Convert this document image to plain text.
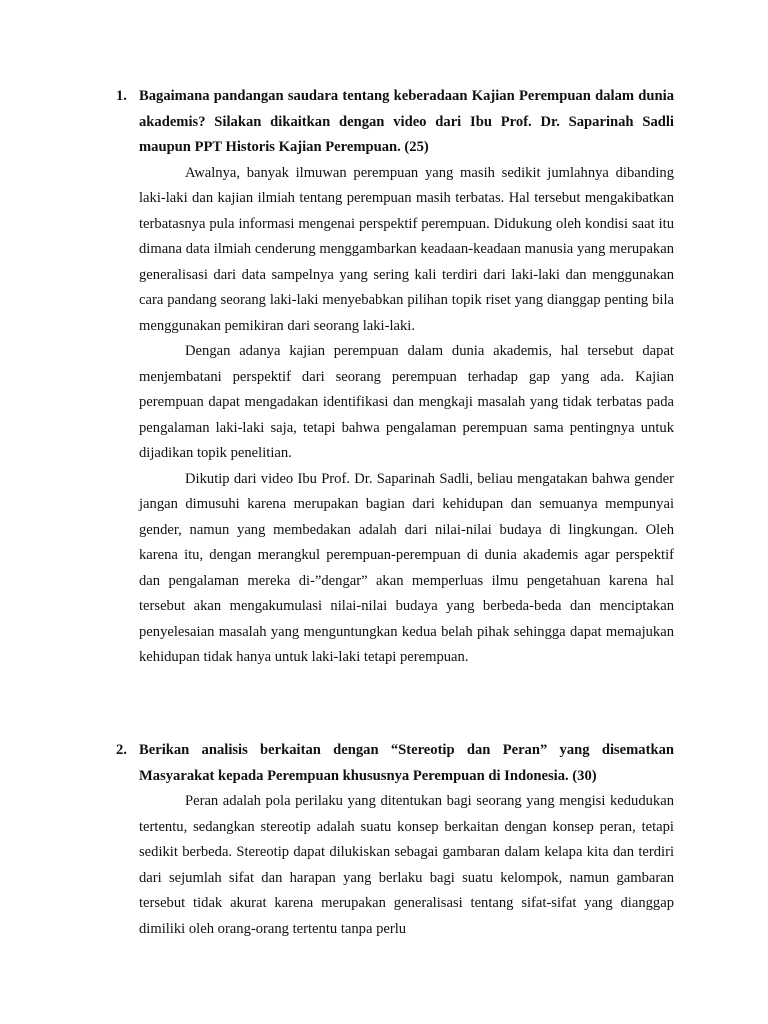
1. Bagaimana pandangan saudara tentang keberadaan Kajian Perempuan dalam dunia akademis? Silakan dikaitkan dengan video dari Ibu Prof. Dr. Saparinah Sadli maupun PPT Historis Kajian Perempuan. (25)

Awalnya, banyak ilmuwan perempuan yang masih sedikit jumlahnya dibanding laki-laki dan kajian ilmiah tentang perempuan masih terbatas. Hal tersebut mengakibatkan terbatasnya pula informasi mengenai perspektif perempuan. Didukung oleh kondisi saat itu dimana data ilmiah cenderung menggambarkan keadaan-keadaan manusia yang merupakan generalisasi dari data sampelnya yang sering kali terdiri dari laki-laki dan menggunakan cara pandang seorang laki-laki menyebabkan pilihan topik riset yang dianggap penting bila menggunakan pemikiran dari seorang laki-laki.

Dengan adanya kajian perempuan dalam dunia akademis, hal tersebut dapat menjembatani perspektif dari seorang perempuan terhadap gap yang ada. Kajian perempuan dapat mengadakan identifikasi dan mengkaji masalah yang tidak terbatas pada pengalaman laki-laki saja, tetapi bahwa pengalaman perempuan sama pentingnya untuk dijadikan topik penelitian.

Dikutip dari video Ibu Prof. Dr. Saparinah Sadli, beliau mengatakan bahwa gender jangan dimusuhi karena merupakan bagian dari kehidupan dan semuanya mempunyai gender, namun yang membedakan adalah dari nilai-nilai budaya di lingkungan. Oleh karena itu, dengan merangkul perempuan-perempuan di dunia akademis agar perspektif dan pengalaman mereka di-”dengar” akan memperluas ilmu pengetahuan karena hal tersebut akan mengakumulasi nilai-nilai budaya yang berbeda-beda dan menciptakan penyelesaian masalah yang menguntungkan kedua belah pihak sehingga dapat memajukan kehidupan tidak hanya untuk laki-laki tetapi perempuan.

2. Berikan analisis berkaitan dengan “Stereotip dan Peran” yang disematkan Masyarakat kepada Perempuan khususnya Perempuan di Indonesia. (30)

Peran adalah pola perilaku yang ditentukan bagi seorang yang mengisi kedudukan tertentu, sedangkan stereotip adalah suatu konsep berkaitan dengan konsep peran, tetapi sedikit berbeda. Stereotip dapat dilukiskan sebagai gambaran dalam kelapa kita dan terdiri dari sejumlah sifat dan harapan yang berlaku bagi suatu kelompok, namun gambaran tersebut tidak akurat karena merupakan generalisasi tentang sifat-sifat yang dianggap dimiliki oleh orang-orang tertentu tanpa perlu
